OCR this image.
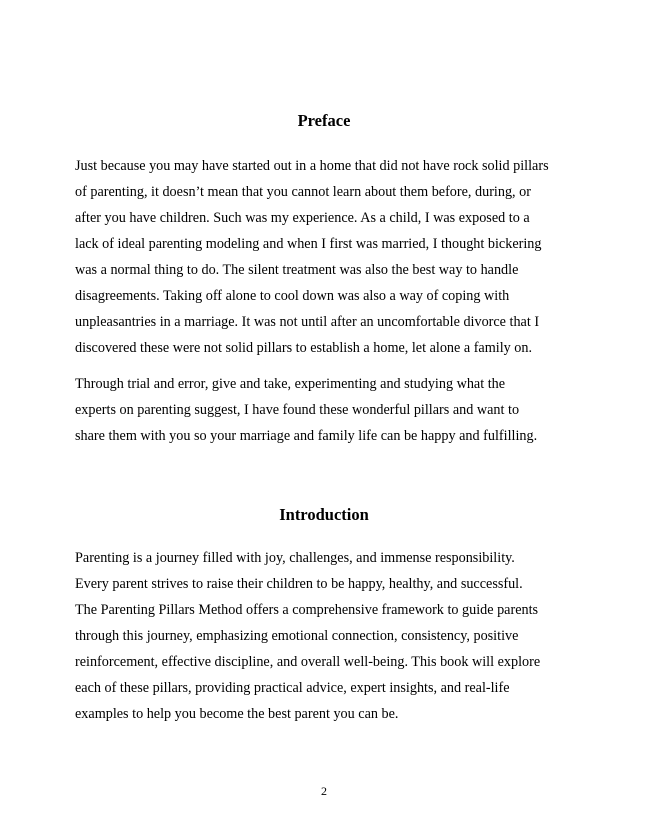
Preface
Just because you may have started out in a home that did not have rock solid pillars
of parenting, it doesn’t mean that you cannot learn about them before, during, or
after you have children. Such was my experience. As a child, I was exposed to a
lack of ideal parenting modeling and when I first was married, I thought bickering
was a normal thing to do. The silent treatment was also the best way to handle
disagreements. Taking off alone to cool down was also a way of coping with
unpleasantries in a marriage. It was not until after an uncomfortable divorce that I
discovered these were not solid pillars to establish a home, let alone a family on.
Through trial and error, give and take, experimenting and studying what the
experts on parenting suggest, I have found these wonderful pillars and want to
share them with you so your marriage and family life can be happy and fulfilling.
Introduction
Parenting is a journey filled with joy, challenges, and immense responsibility.
Every parent strives to raise their children to be happy, healthy, and successful.
The Parenting Pillars Method offers a comprehensive framework to guide parents
through this journey, emphasizing emotional connection, consistency, positive
reinforcement, effective discipline, and overall well-being. This book will explore
each of these pillars, providing practical advice, expert insights, and real-life
examples to help you become the best parent you can be.
2
